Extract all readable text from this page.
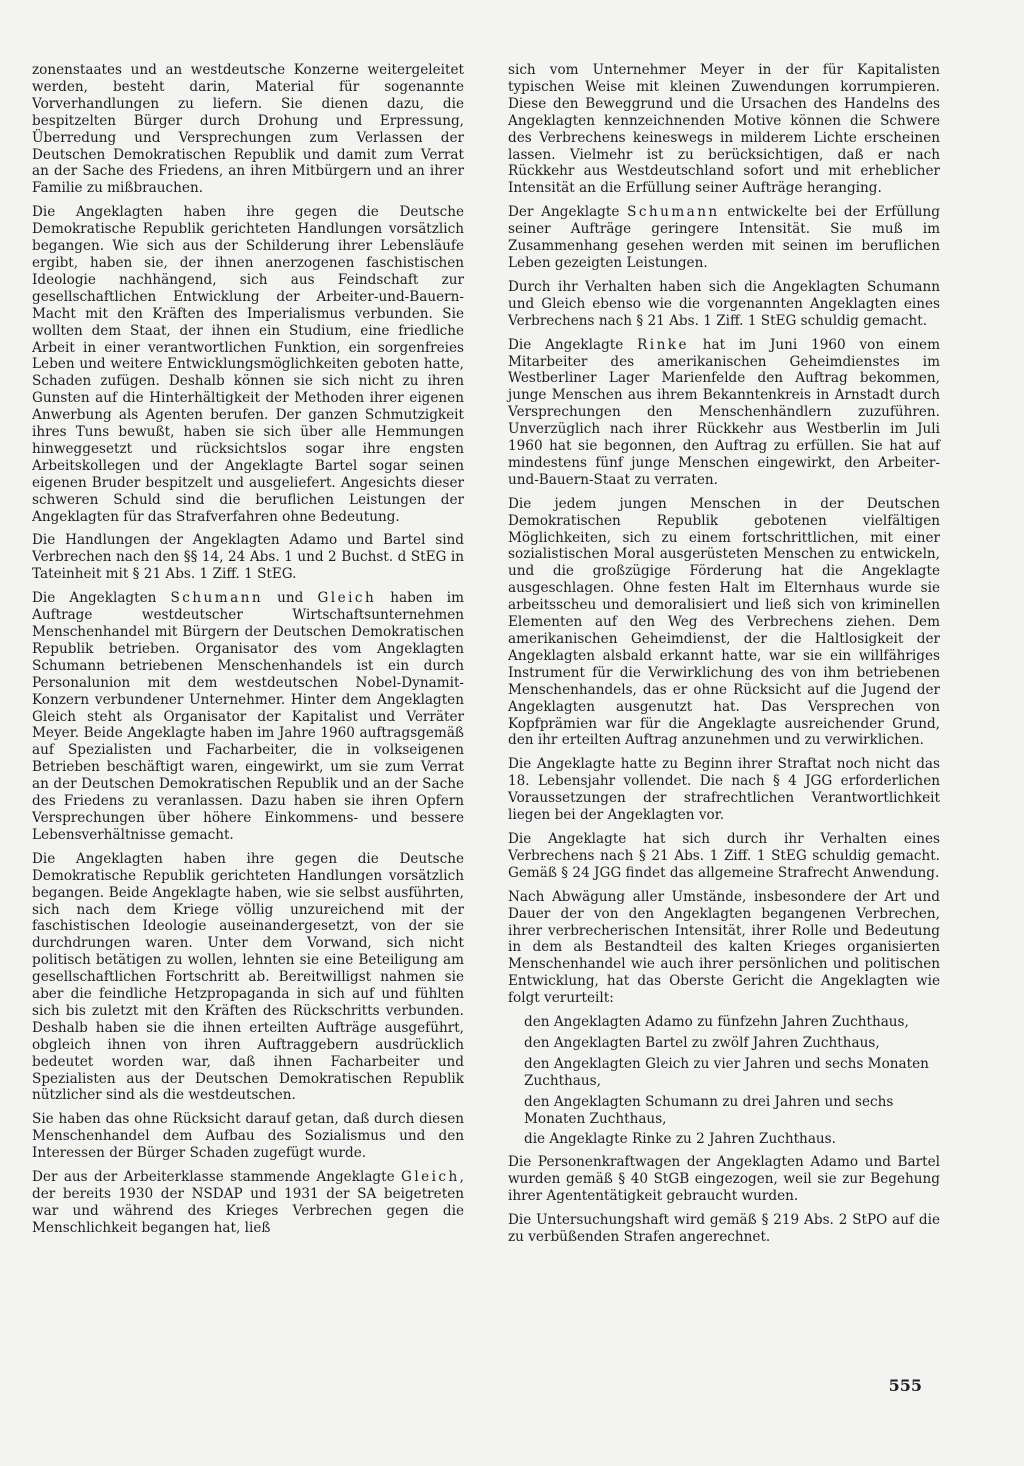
zonenstaates und an westdeutsche Konzerne weitergeleitet werden, besteht darin, Material für sogenannte Vorverhandlungen zu liefern. Sie dienen dazu, die bespitzelten Bürger durch Drohung und Erpressung, Überredung und Versprechungen zum Verlassen der Deutschen Demokratischen Republik und damit zum Verrat an der Sache des Friedens, an ihren Mitbürgern und an ihrer Familie zu mißbrauchen.

Die Angeklagten haben ihre gegen die Deutsche Demokratische Republik gerichteten Handlungen vorsätzlich begangen. Wie sich aus der Schilderung ihrer Lebensläufe ergibt, haben sie, der ihnen anerzogenen faschistischen Ideologie nachhängend, sich aus Feindschaft zur gesellschaftlichen Entwicklung der Arbeiter-und-Bauern-Macht mit den Kräften des Imperialismus verbunden. Sie wollten dem Staat, der ihnen ein Studium, eine friedliche Arbeit in einer verantwortlichen Funktion, ein sorgenfreies Leben und weitere Entwicklungsmöglichkeiten geboten hatte, Schaden zufügen. Deshalb können sie sich nicht zu ihren Gunsten auf die Hinterhältigkeit der Methoden ihrer eigenen Anwerbung als Agenten berufen. Der ganzen Schmutzigkeit ihres Tuns bewußt, haben sie sich über alle Hemmungen hinweggesetzt und rücksichtslos sogar ihre engsten Arbeitskollegen und der Angeklagte Bartel sogar seinen eigenen Bruder bespitzelt und ausgeliefert. Angesichts dieser schweren Schuld sind die beruflichen Leistungen der Angeklagten für das Strafverfahren ohne Bedeutung.

Die Handlungen der Angeklagten Adamo und Bartel sind Verbrechen nach den §§ 14, 24 Abs. 1 und 2 Buchst. d StEG in Tateinheit mit § 21 Abs. 1 Ziff. 1 StEG.

Die Angeklagten Schumann und Gleich haben im Auftrage westdeutscher Wirtschaftsunternehmen Menschenhandel mit Bürgern der Deutschen Demokratischen Republik betrieben. Organisator des vom Angeklagten Schumann betriebenen Menschenhandels ist ein durch Personalunion mit dem westdeutschen Nobel-Dynamit-Konzern verbundener Unternehmer. Hinter dem Angeklagten Gleich steht als Organisator der Kapitalist und Verräter Meyer. Beide Angeklagte haben im Jahre 1960 auftragsgemäß auf Spezialisten und Facharbeiter, die in volkseigenen Betrieben beschäftigt waren, eingewirkt, um sie zum Verrat an der Deutschen Demokratischen Republik und an der Sache des Friedens zu veranlassen. Dazu haben sie ihren Opfern Versprechungen über höhere Einkommens- und bessere Lebensverhältnisse gemacht.

Die Angeklagten haben ihre gegen die Deutsche Demokratische Republik gerichteten Handlungen vorsätzlich begangen. Beide Angeklagte haben, wie sie selbst ausführten, sich nach dem Kriege völlig unzureichend mit der faschistischen Ideologie auseinandergesetzt, von der sie durchdrungen waren. Unter dem Vorwand, sich nicht politisch betätigen zu wollen, lehnten sie eine Beteiligung am gesellschaftlichen Fortschritt ab. Bereitwilligst nahmen sie aber die feindliche Hetzpropaganda in sich auf und fühlten sich bis zuletzt mit den Kräften des Rückschritts verbunden. Deshalb haben sie die ihnen erteilten Aufträge ausgeführt, obgleich ihnen von ihren Auftraggebern ausdrücklich bedeutet worden war, daß ihnen Facharbeiter und Spezialisten aus der Deutschen Demokratischen Republik nützlicher sind als die westdeutschen.

Sie haben das ohne Rücksicht darauf getan, daß durch diesen Menschenhandel dem Aufbau des Sozialismus und den Interessen der Bürger Schaden zugefügt wurde.

Der aus der Arbeiterklasse stammende Angeklagte Gleich, der bereits 1930 der NSDAP und 1931 der SA beigetreten war und während des Krieges Verbrechen gegen die Menschlichkeit begangen hat, ließ

sich vom Unternehmer Meyer in der für Kapitalisten typischen Weise mit kleinen Zuwendungen korrumpieren. Diese den Beweggrund und die Ursachen des Handelns des Angeklagten kennzeichnenden Motive können die Schwere des Verbrechens keineswegs in milderem Lichte erscheinen lassen. Vielmehr ist zu berücksichtigen, daß er nach Rückkehr aus Westdeutschland sofort und mit erheblicher Intensität an die Erfüllung seiner Aufträge heranging.

Der Angeklagte Schumann entwickelte bei der Erfüllung seiner Aufträge geringere Intensität. Sie muß im Zusammenhang gesehen werden mit seinen im beruflichen Leben gezeigten Leistungen.

Durch ihr Verhalten haben sich die Angeklagten Schumann und Gleich ebenso wie die vorgenannten Angeklagten eines Verbrechens nach § 21 Abs. 1 Ziff. 1 StEG schuldig gemacht.

Die Angeklagte Rinke hat im Juni 1960 von einem Mitarbeiter des amerikanischen Geheimdienstes im Westberliner Lager Marienfelde den Auftrag bekommen, junge Menschen aus ihrem Bekanntenkreis in Arnstadt durch Versprechungen den Menschenhändlern zuzuführen. Unverzüglich nach ihrer Rückkehr aus Westberlin im Juli 1960 hat sie begonnen, den Auftrag zu erfüllen. Sie hat auf mindestens fünf junge Menschen eingewirkt, den Arbeiter-und-Bauern-Staat zu verraten.

Die jedem jungen Menschen in der Deutschen Demokratischen Republik gebotenen vielfältigen Möglichkeiten, sich zu einem fortschrittlichen, mit einer sozialistischen Moral ausgerüsteten Menschen zu entwickeln, und die großzügige Förderung hat die Angeklagte ausgeschlagen. Ohne festen Halt im Elternhaus wurde sie arbeitsscheu und demoralisiert und ließ sich von kriminellen Elementen auf den Weg des Verbrechens ziehen. Dem amerikanischen Geheimdienst, der die Haltlosigkeit der Angeklagten alsbald erkannt hatte, war sie ein willfähriges Instrument für die Verwirklichung des von ihm betriebenen Menschenhandels, das er ohne Rücksicht auf die Jugend der Angeklagten ausgenutzt hat. Das Versprechen von Kopfprämien war für die Angeklagte ausreichender Grund, den ihr erteilten Auftrag anzunehmen und zu verwirklichen.

Die Angeklagte hatte zu Beginn ihrer Straftat noch nicht das 18. Lebensjahr vollendet. Die nach § 4 JGG erforderlichen Voraussetzungen der strafrechtlichen Verantwortlichkeit liegen bei der Angeklagten vor.

Die Angeklagte hat sich durch ihr Verhalten eines Verbrechens nach § 21 Abs. 1 Ziff. 1 StEG schuldig gemacht. Gemäß § 24 JGG findet das allgemeine Strafrecht Anwendung.

Nach Abwägung aller Umstände, insbesondere der Art und Dauer der von den Angeklagten begangenen Verbrechen, ihrer verbrecherischen Intensität, ihrer Rolle und Bedeutung in dem als Bestandteil des kalten Krieges organisierten Menschenhandel wie auch ihrer persönlichen und politischen Entwicklung, hat das Oberste Gericht die Angeklagten wie folgt verurteilt:

den Angeklagten Adamo zu fünfzehn Jahren Zuchthaus,
den Angeklagten Bartel zu zwölf Jahren Zuchthaus,
den Angeklagten Gleich zu vier Jahren und sechs Monaten Zuchthaus,
den Angeklagten Schumann zu drei Jahren und sechs Monaten Zuchthaus,
die Angeklagte Rinke zu 2 Jahren Zuchthaus.

Die Personenkraftwagen der Angeklagten Adamo und Bartel wurden gemäß § 40 StGB eingezogen, weil sie zur Begehung ihrer Agententätigkeit gebraucht wurden.

Die Untersuchungshaft wird gemäß § 219 Abs. 2 StPO auf die zu verbüßenden Strafen angerechnet.

555
